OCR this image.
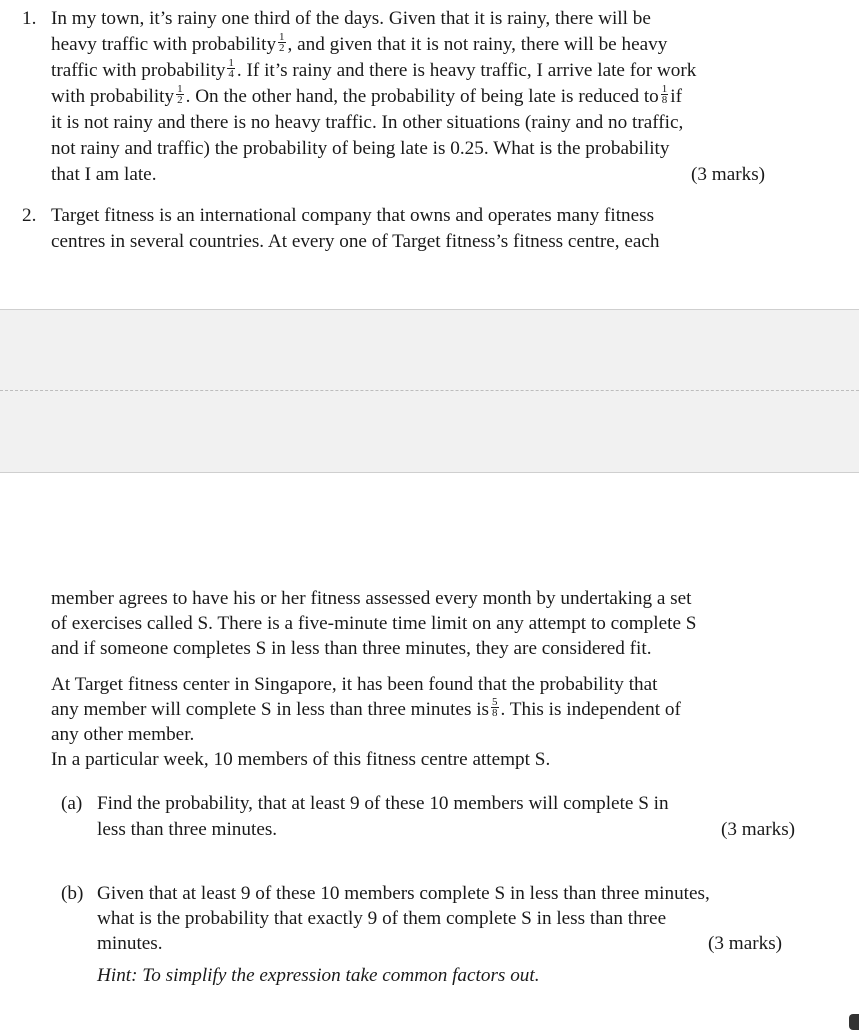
1. In my town, it’s rainy one third of the days. Given that it is rainy, there will be
heavy traffic with probability $\frac{1}{2}$ , and given that it is not rainy, there will be heavy
traffic with probability $\frac{1}{4}$ . If it’s rainy and there is heavy traffic, I arrive late for work
with probability $\frac{1}{2}$ . On the other hand, the probability of being late is reduced to $\frac{1}{8}$ if
it is not rainy and there is no heavy traffic. In other situations (rainy and no traffic,
not rainy and traffic) the probability of being late is 0.25. What is the probability
that I am late.	(3 marks)
2. Target fitness is an international company that owns and operates many fitness
centres in several countries. At every one of Target fitness’s fitness centre, each
member agrees to have his or her fitness assessed every month by undertaking a set
of exercises called S. There is a five-minute time limit on any attempt to complete S
and if someone completes S in less than three minutes, they are considered fit.
At Target fitness center in Singapore, it has been found that the probability that
any member will complete S in less than three minutes is $\frac{5}{8}$ . This is independent of
any other member.
In a particular week, 10 members of this fitness centre attempt S.
(a) Find the probability, that at least 9 of these 10 members will complete S in
less than three minutes.	(3 marks)
(b) Given that at least 9 of these 10 members complete S in less than three minutes,
what is the probability that exactly 9 of them complete S in less than three
minutes.	(3 marks)
Hint: To simplify the expression take common factors out.
